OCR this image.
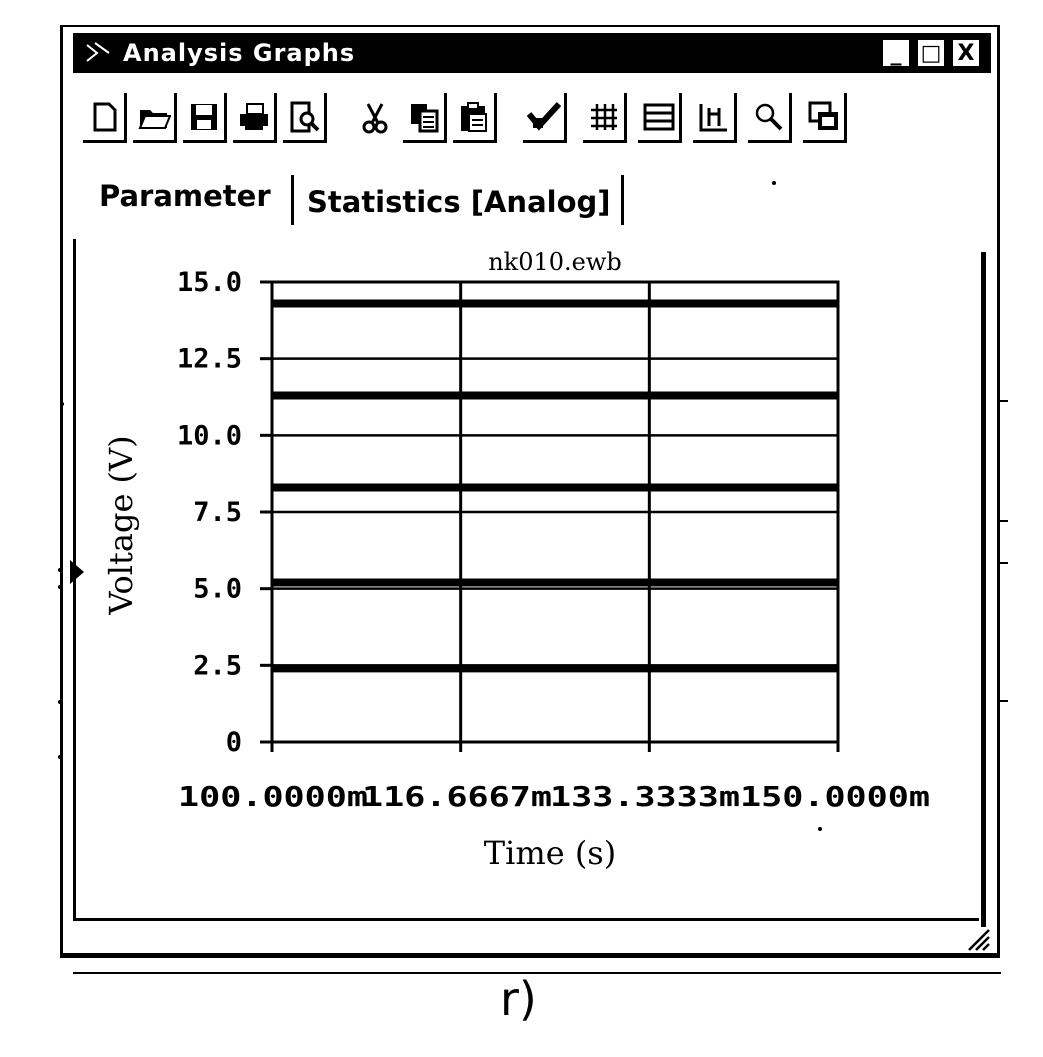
Analysis Graphs	_ □ X
Parameter Statistics [Analog]
0
2.5
5.0
7.5
10.0
12.5
15.0
100.0000m
116.6667m
133.3333m 150.0000m
nk010.ewb
Time (s)
Voltage (V)
r)
